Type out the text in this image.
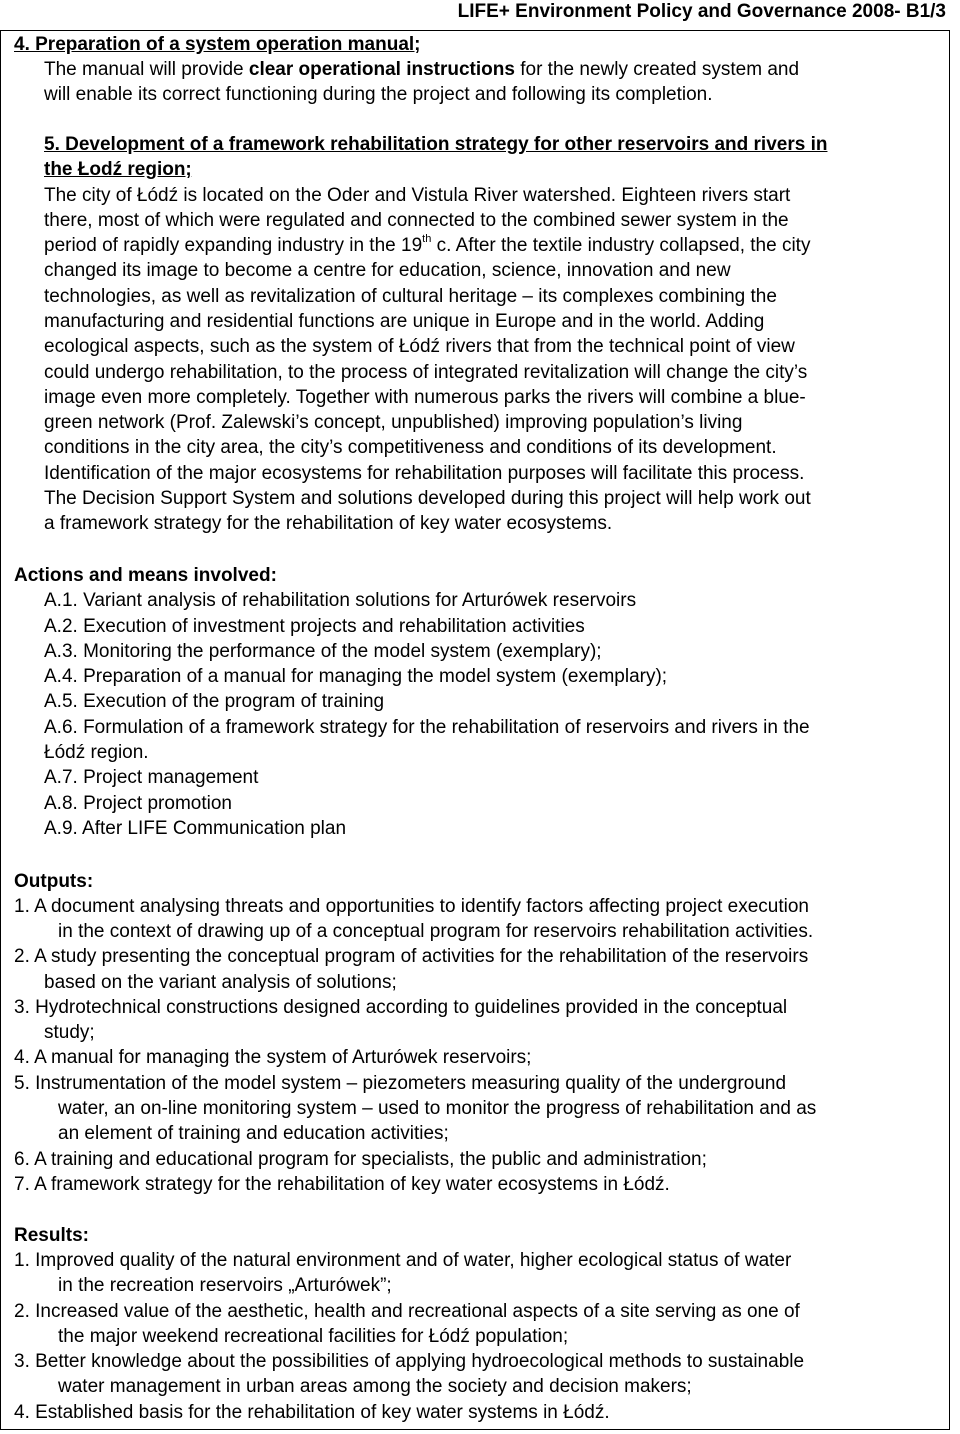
LIFE+ Environment Policy and Governance 2008- B1/3
4. Preparation of a system operation manual;
The manual will provide clear operational instructions for the newly created system and
will enable its correct functioning during the project and following its completion.
5. Development of a framework rehabilitation strategy for other reservoirs and rivers in
the Łodź region;
The city of Łódź is located on the Oder and Vistula River watershed. Eighteen rivers start
there, most of which were regulated and connected to the combined sewer system in the
period of rapidly expanding industry in the 19th c. After the textile industry collapsed, the city
changed its image to become a centre for education, science, innovation and new
technologies, as well as revitalization of cultural heritage – its complexes combining the
manufacturing and residential functions are unique in Europe and in the world. Adding
ecological aspects, such as the system of Łódź rivers that from the technical point of view
could undergo rehabilitation, to the process of integrated revitalization will change the city’s
image even more completely. Together with numerous parks the rivers will combine a blue-
green network (Prof. Zalewski’s concept, unpublished) improving population’s living
conditions in the city area, the city’s competitiveness and conditions of its development.
Identification of the major ecosystems for rehabilitation purposes will facilitate this process.
The Decision Support System and solutions developed during this project will help work out
a framework strategy for the rehabilitation of key water ecosystems.
Actions and means involved:
A.1. Variant analysis of rehabilitation solutions for Arturówek reservoirs
A.2. Execution of investment projects and rehabilitation activities
A.3. Monitoring the performance of the model system (exemplary);
A.4. Preparation of a manual for managing the model system (exemplary);
A.5. Execution of the program of training
A.6. Formulation of a framework strategy for the rehabilitation of reservoirs and rivers in the
Łódź region.
A.7. Project management
A.8. Project promotion
A.9. After LIFE Communication plan
Outputs:
1. A document analysing threats and opportunities to identify factors affecting project execution
in the context of drawing up of a conceptual program for reservoirs rehabilitation activities.
2. A study presenting the conceptual program of activities for the rehabilitation of the reservoirs
based on the variant analysis of solutions;
3. Hydrotechnical constructions designed according to guidelines provided in the conceptual
study;
4. A manual for managing the system of Arturówek reservoirs;
5. Instrumentation of the model system – piezometers measuring quality of the underground
water, an on-line monitoring system – used to monitor the progress of rehabilitation and as
an element of training and education activities;
6. A training and educational program for specialists, the public and administration;
7. A framework strategy for the rehabilitation of key water ecosystems in Łódź.
Results:
1. Improved quality of the natural environment and of water, higher ecological status of water
in the recreation reservoirs „Arturówek”;
2. Increased value of the aesthetic, health and recreational aspects of a site serving as one of
the major weekend recreational facilities for Łódź population;
3. Better knowledge about the possibilities of applying hydroecological methods to sustainable
water management in urban areas among the society and decision makers;
4. Established basis for the rehabilitation of key water systems in Łódź.
